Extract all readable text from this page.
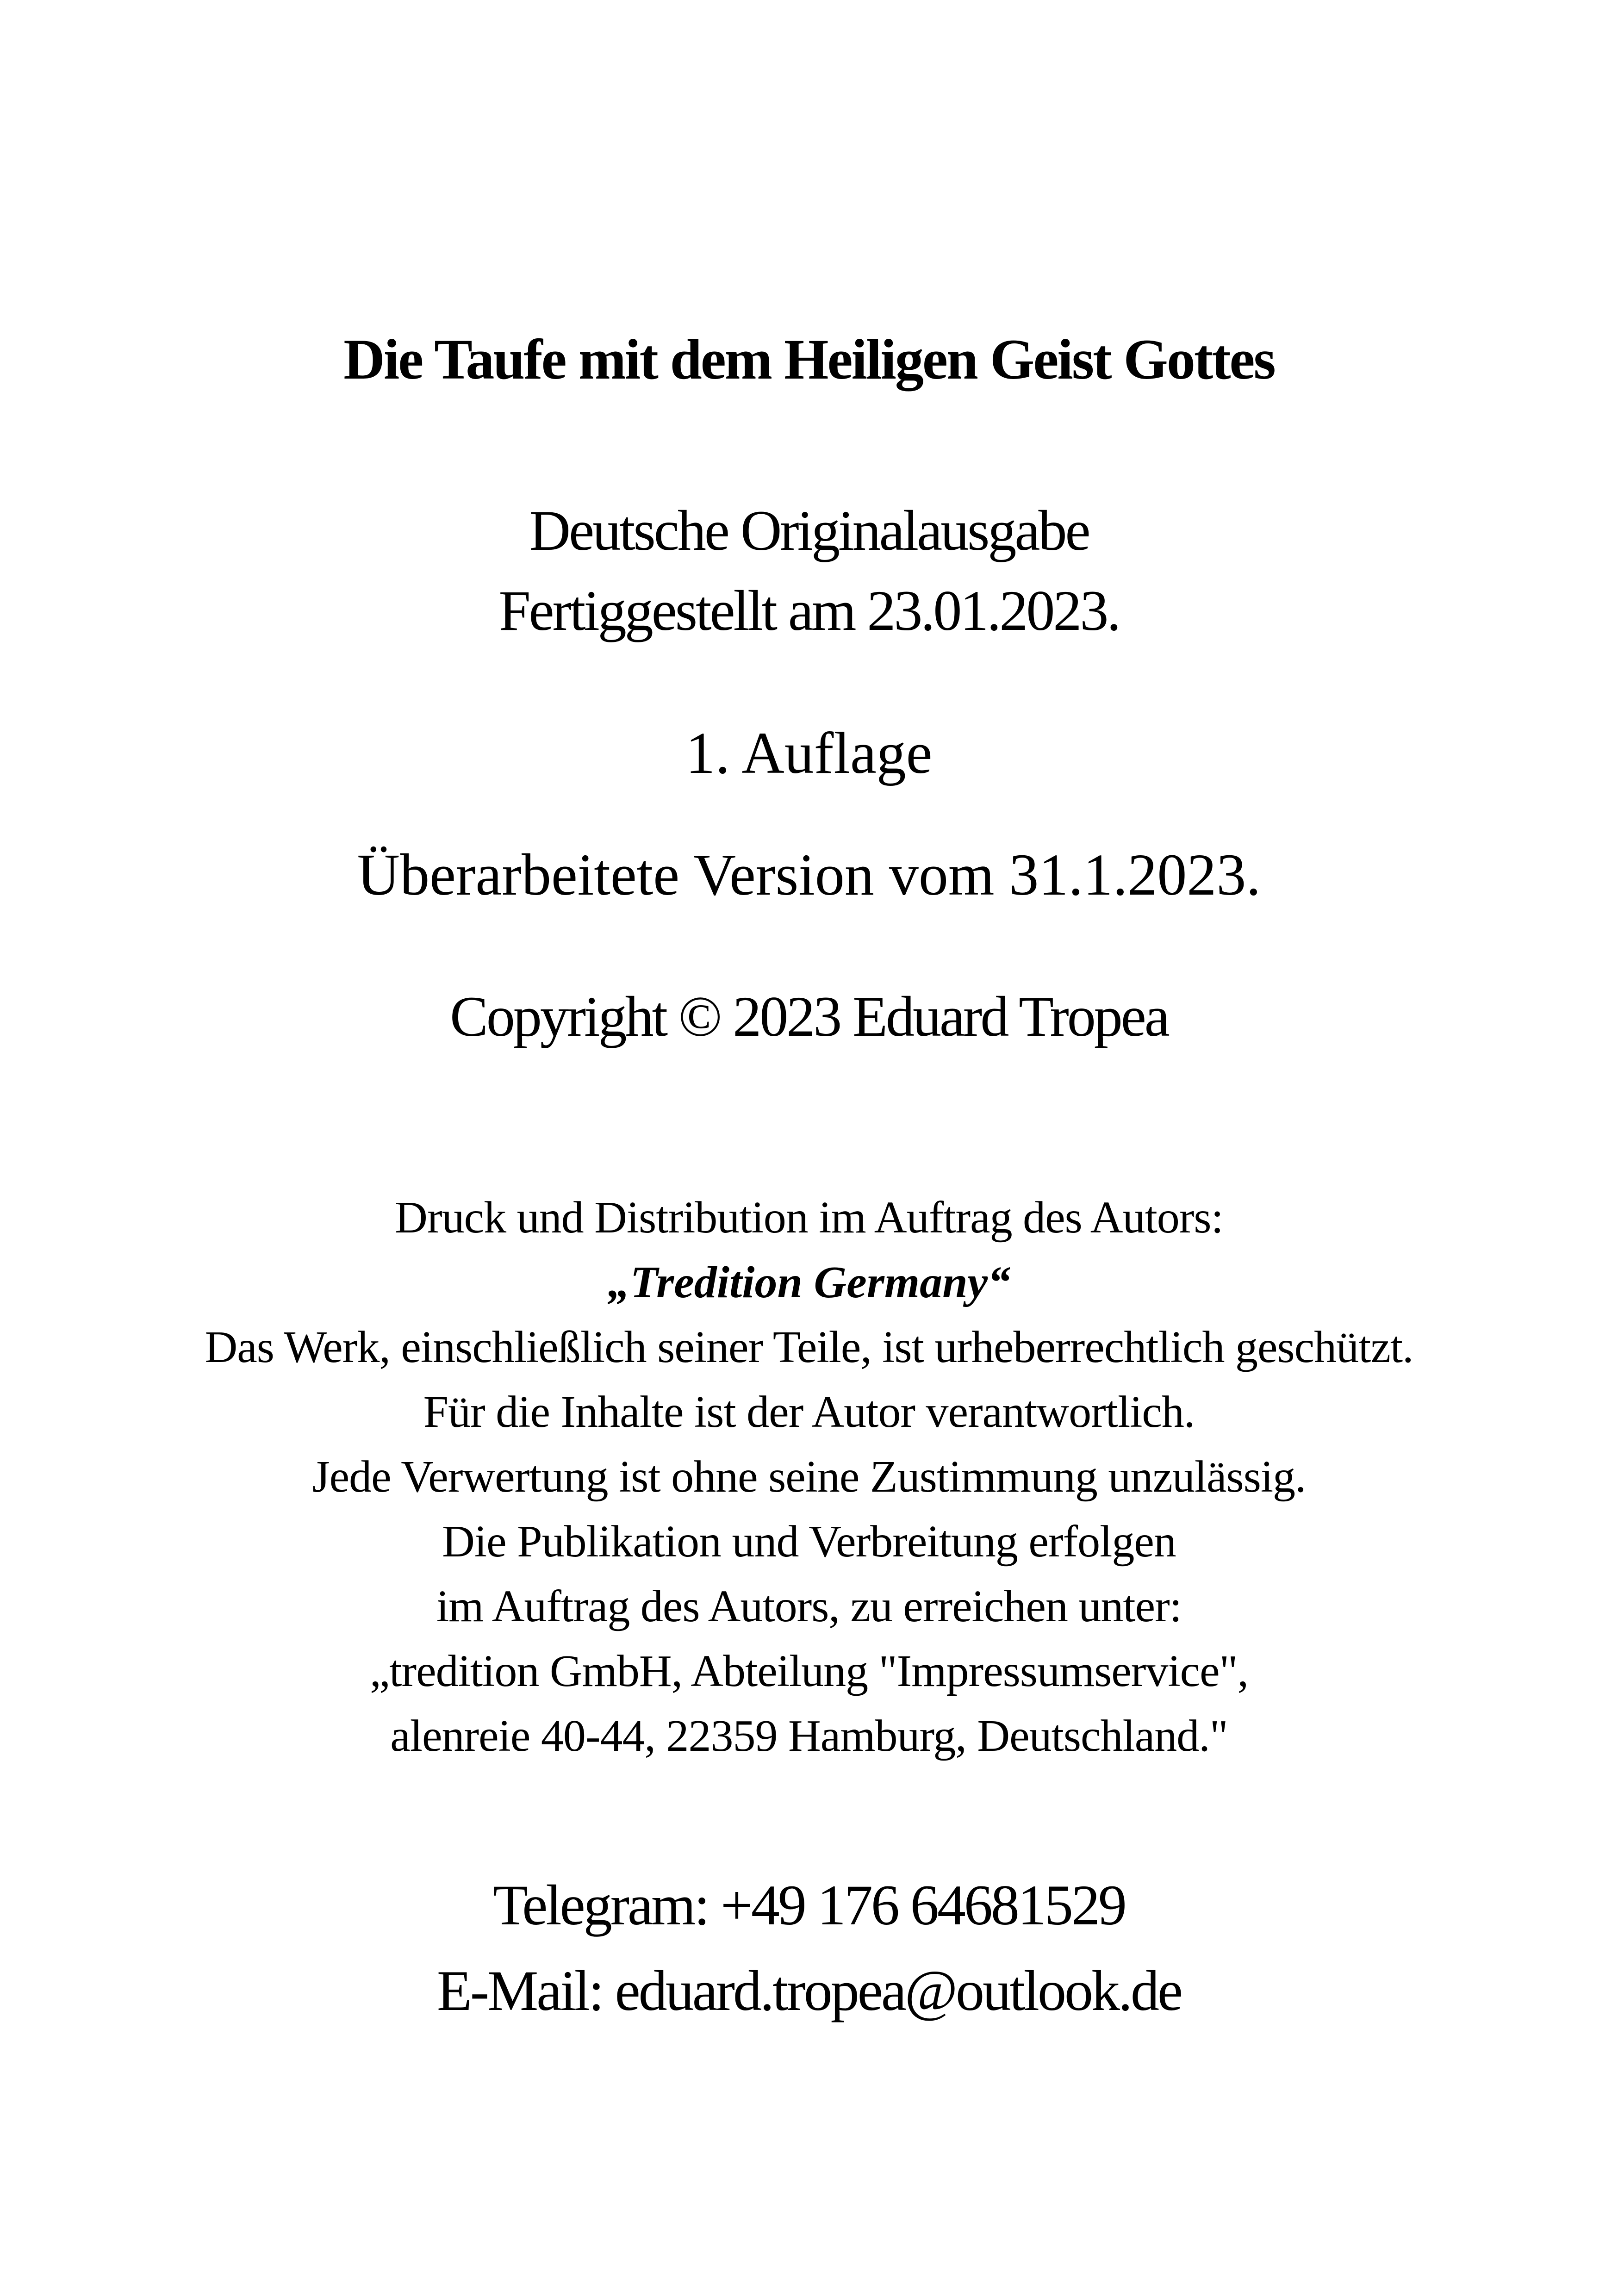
Die Taufe mit dem Heiligen Geist Gottes
Deutsche Originalausgabe
Fertiggestellt am 23.01.2023.
1. Auflage
Überarbeitete Version vom 31.1.2023.
Copyright © 2023 Eduard Tropea
Druck und Distribution im Auftrag des Autors:
„Tredition Germany“
Das Werk, einschließlich seiner Teile, ist urheberrechtlich geschützt.
Für die Inhalte ist der Autor verantwortlich.
Jede Verwertung ist ohne seine Zustimmung unzulässig.
Die Publikation und Verbreitung erfolgen
im Auftrag des Autors, zu erreichen unter:
„tredition GmbH, Abteilung "Impressumservice",
alenreie 40-44, 22359 Hamburg, Deutschland."
Telegram: +49 176 64681529
E-Mail: eduard.tropea@outlook.de
